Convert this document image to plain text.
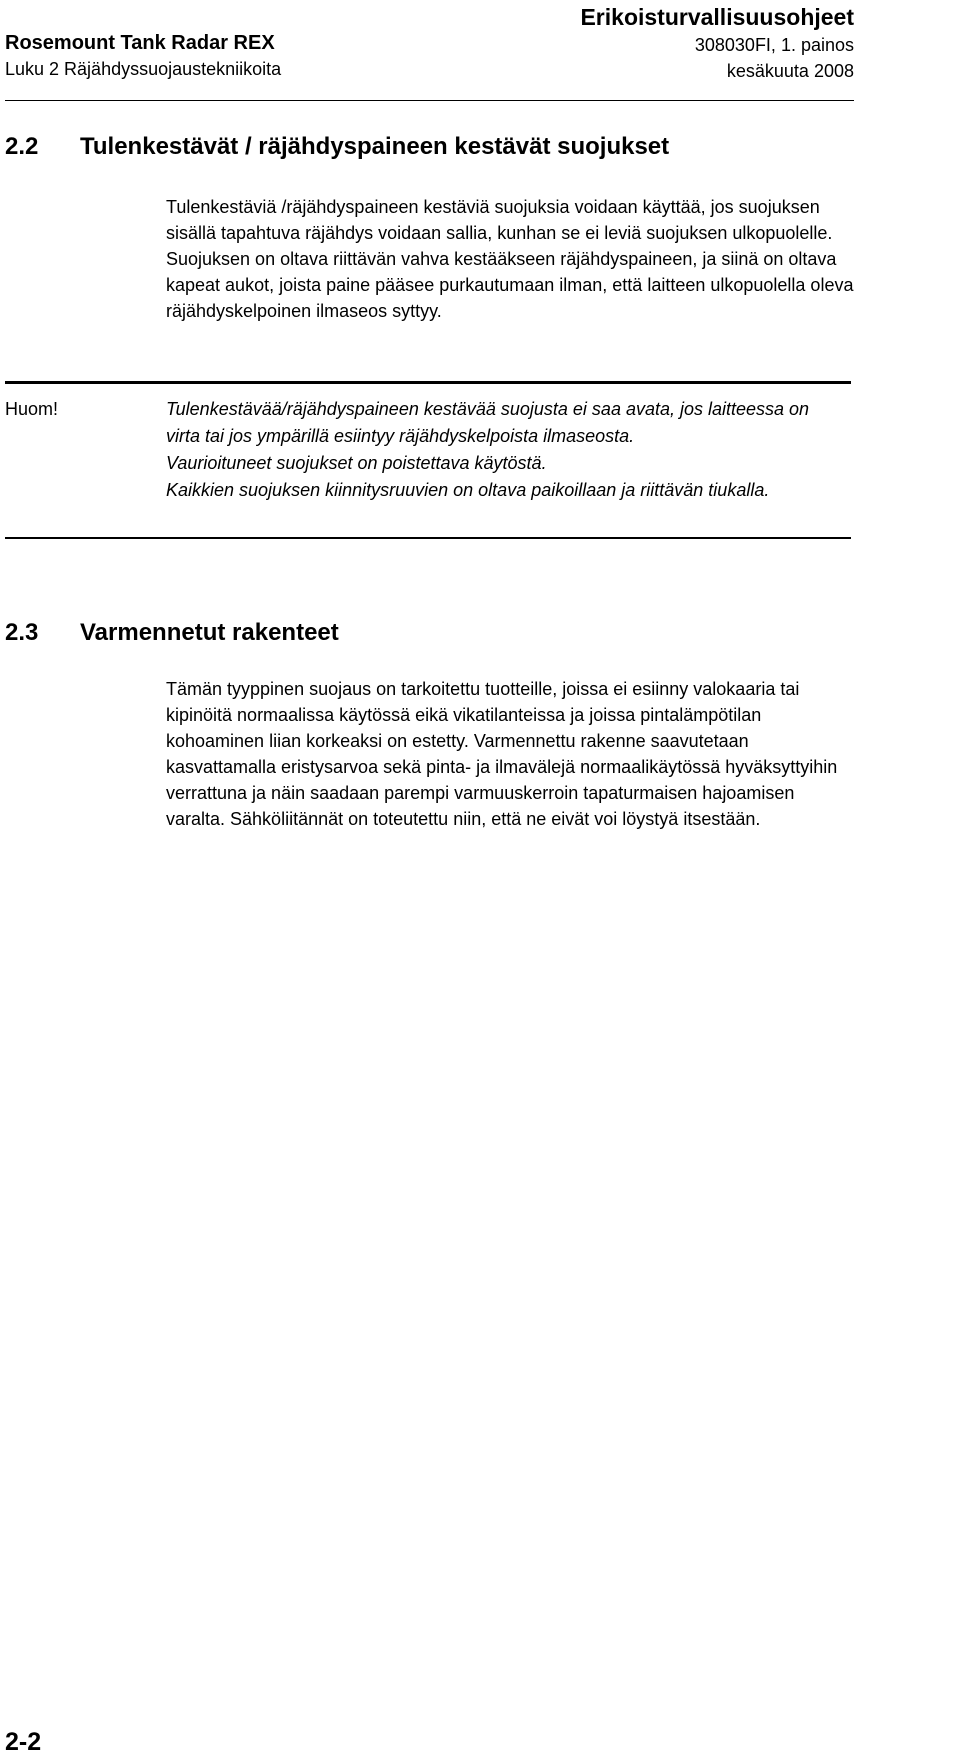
Rosemount Tank Radar REX
Luku 2 Räjähdyssuojaustekniikoita
Erikoisturvallisuusohjeet
308030FI, 1. painos
kesäkuuta 2008
2.2 Tulenkestävät / räjähdyspaineen kestävät suojukset

Tulenkestäviä /räjähdyspaineen kestäviä suojuksia voidaan käyttää, jos suojuksen sisällä tapahtuva räjähdys voidaan sallia, kunhan se ei leviä suojuksen ulkopuolelle. Suojuksen on oltava riittävän vahva kestääkseen räjähdyspaineen, ja siinä on oltava kapeat aukot, joista paine pääsee purkautumaan ilman, että laitteen ulkopuolella oleva räjähdyskelpoinen ilmaseos syttyy.

Huom!	Tulenkestävää/räjähdyspaineen kestävää suojusta ei saa avata, jos laitteessa on virta tai jos ympärillä esiintyy räjähdyskelpoista ilmaseosta.

Vaurioituneet suojukset on poistettava käytöstä.

Kaikkien suojuksen kiinnitysruuvien on oltava paikoillaan ja riittävän tiukalla.

2.3 Varmennetut rakenteet

Tämän tyyppinen suojaus on tarkoitettu tuotteille, joissa ei esiinny valokaaria tai kipinöitä normaalissa käytössä eikä vikatilanteissa ja joissa pintalämpötilan kohoaminen liian korkeaksi on estetty. Varmennettu rakenne saavutetaan kasvattamalla eristysarvoa sekä pinta- ja ilmavälejä normaalikäytössä hyväksyttyihin verrattuna ja näin saadaan parempi varmuuskerroin tapaturmaisen hajoamisen varalta. Sähköliitännät on toteutettu niin, että ne eivät voi löystyä itsestään.

2-2
